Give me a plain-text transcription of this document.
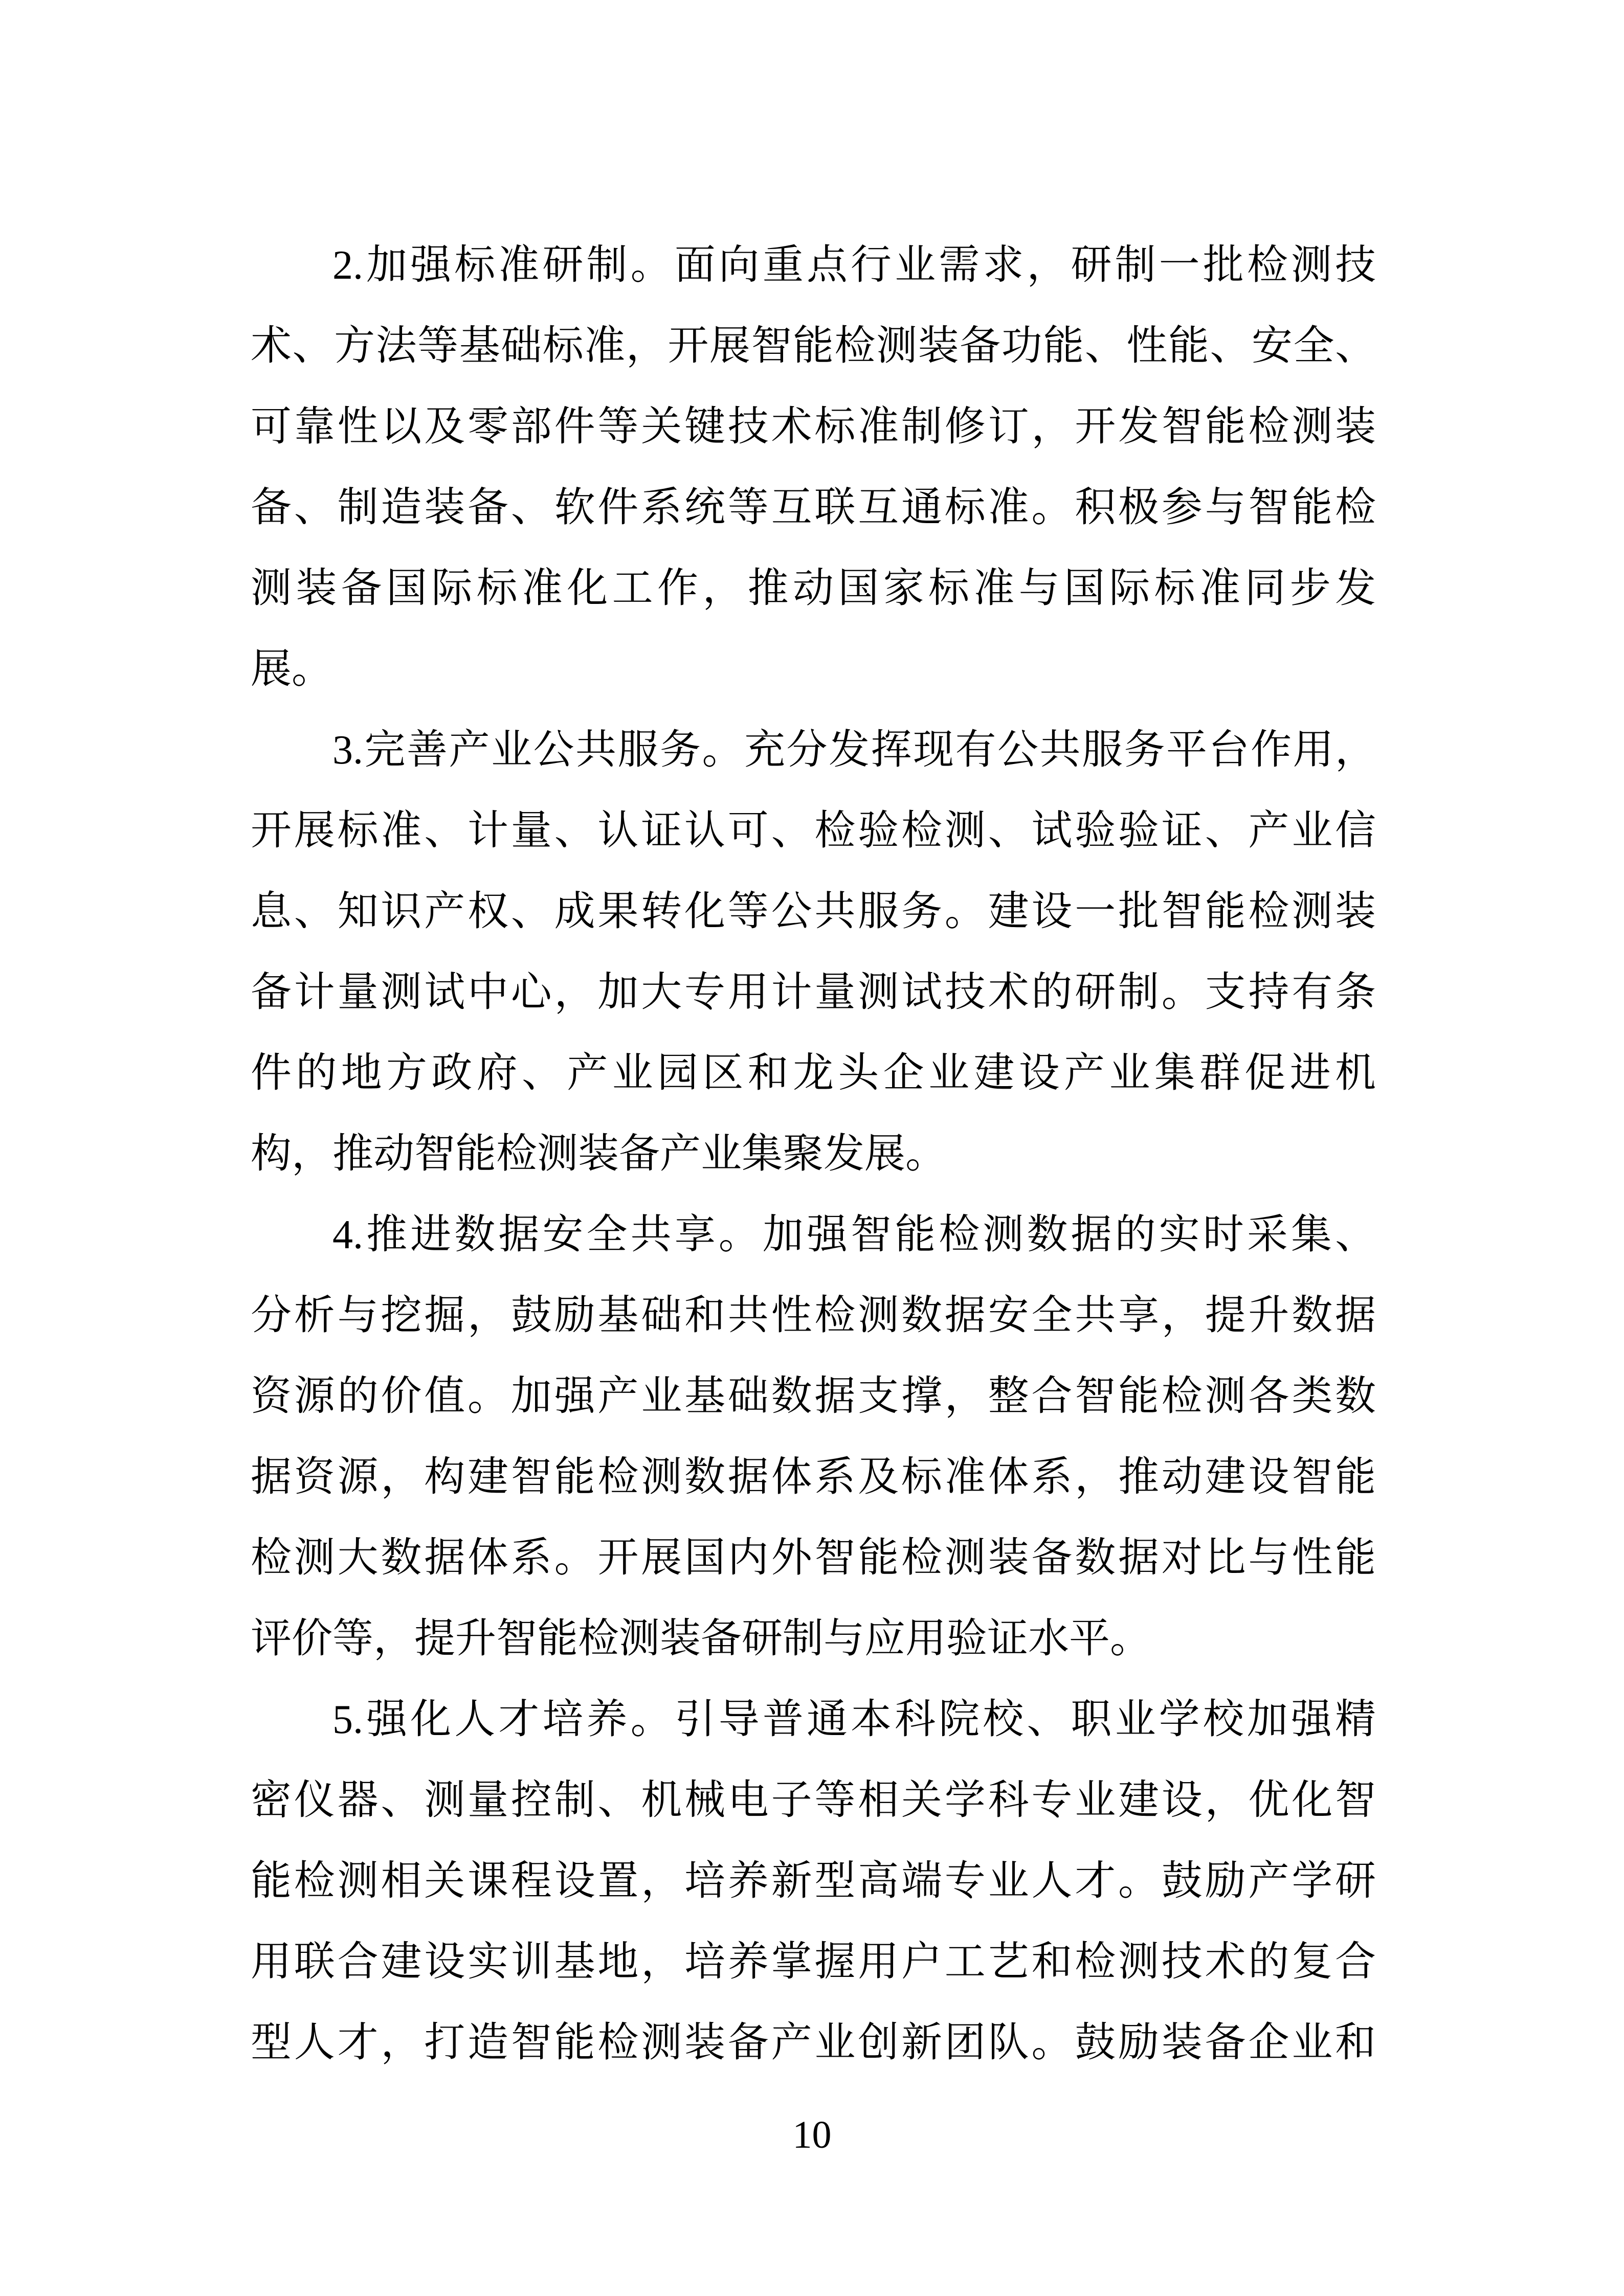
2.加强标准研制。面向重点行业需求，研制一批检测技
术、方法等基础标准，开展智能检测装备功能、性能、安全、
可靠性以及零部件等关键技术标准制修订，开发智能检测装
备、制造装备、软件系统等互联互通标准。积极参与智能检
测装备国际标准化工作，推动国家标准与国际标准同步发
展。
3.完善产业公共服务。充分发挥现有公共服务平台作用，
开展标准、计量、认证认可、检验检测、试验验证、产业信
息、知识产权、成果转化等公共服务。建设一批智能检测装
备计量测试中心，加大专用计量测试技术的研制。支持有条
件的地方政府、产业园区和龙头企业建设产业集群促进机
构，推动智能检测装备产业集聚发展。
4.推进数据安全共享。加强智能检测数据的实时采集、
分析与挖掘，鼓励基础和共性检测数据安全共享，提升数据
资源的价值。加强产业基础数据支撑，整合智能检测各类数
据资源，构建智能检测数据体系及标准体系，推动建设智能
检测大数据体系。开展国内外智能检测装备数据对比与性能
评价等，提升智能检测装备研制与应用验证水平。
5.强化人才培养。引导普通本科院校、职业学校加强精
密仪器、测量控制、机械电子等相关学科专业建设，优化智
能检测相关课程设置，培养新型高端专业人才。鼓励产学研
用联合建设实训基地，培养掌握用户工艺和检测技术的复合
型人才，打造智能检测装备产业创新团队。鼓励装备企业和
10
